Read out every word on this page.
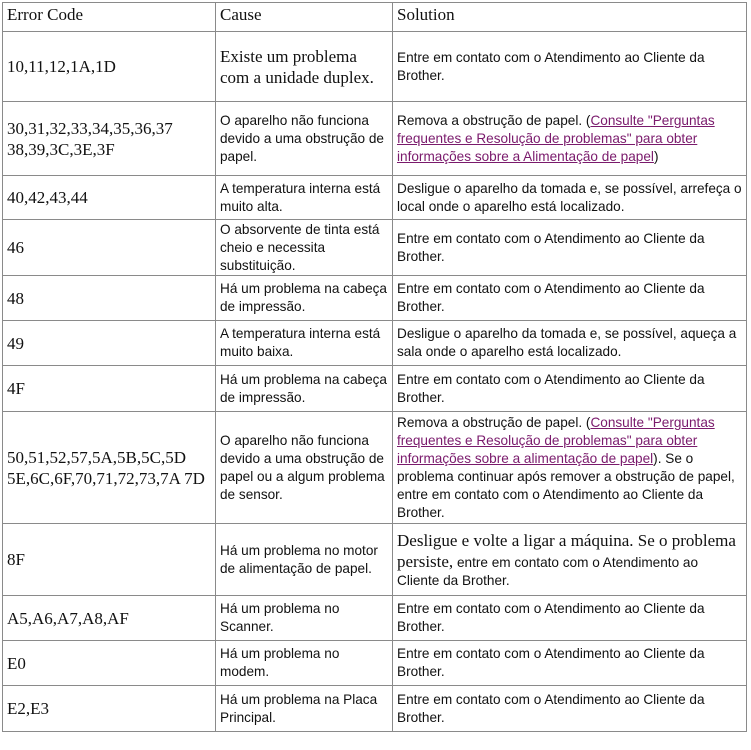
Error Code	Cause	Solution
10,11,12,1A,1D	Existe um problema com a unidade duplex.	Entre em contato com o Atendimento ao Cliente da Brother.
30,31,32,33,34,35,36,37 38,39,3C,3E,3F	O aparelho não funciona devido a uma obstrução de papel.	Remova a obstrução de papel. (Consulte "Perguntas frequentes e Resolução de problemas" para obter informações sobre a Alimentação de papel)
40,42,43,44	A temperatura interna está muito alta.	Desligue o aparelho da tomada e, se possível, arrefeça o local onde o aparelho está localizado.
46	O absorvente de tinta está cheio e necessita substituição.	Entre em contato com o Atendimento ao Cliente da Brother.
48	Há um problema na cabeça de impressão.	Entre em contato com o Atendimento ao Cliente da Brother.
49	A temperatura interna está muito baixa.	Desligue o aparelho da tomada e, se possível, aqueça a sala onde o aparelho está localizado.
4F	Há um problema na cabeça de impressão.	Entre em contato com o Atendimento ao Cliente da Brother.
50,51,52,57,5A,5B,5C,5D 5E,6C,6F,70,71,72,73,7A 7D	O aparelho não funciona devido a uma obstrução de papel ou a algum problema de sensor.	Remova a obstrução de papel. (Consulte "Perguntas frequentes e Resolução de problemas" para obter informações sobre a alimentação de papel). Se o problema continuar após remover a obstrução de papel, entre em contato com o Atendimento ao Cliente da Brother.
8F	Há um problema no motor de alimentação de papel.	Desligue e volte a ligar a máquina. Se o problema persiste, entre em contato com o Atendimento ao Cliente da Brother.
A5,A6,A7,A8,AF	Há um problema no Scanner.	Entre em contato com o Atendimento ao Cliente da Brother.
E0	Há um problema no modem.	Entre em contato com o Atendimento ao Cliente da Brother.
E2,E3	Há um problema na Placa Principal.	Entre em contato com o Atendimento ao Cliente da Brother.
